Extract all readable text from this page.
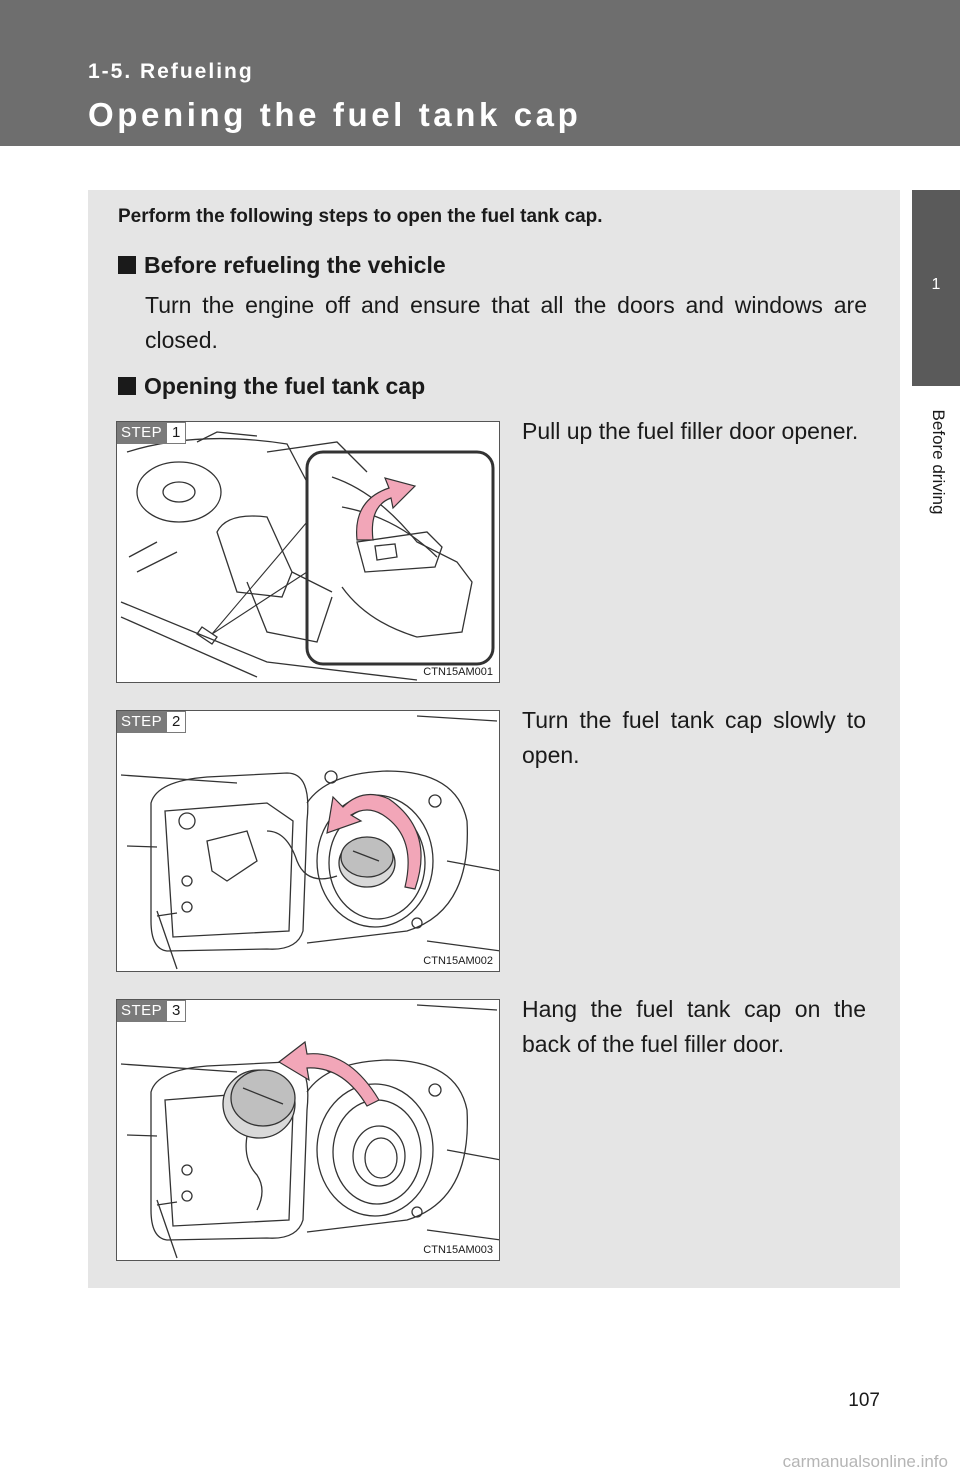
1-5. Refueling
Opening the fuel tank cap
1
Before driving
Perform the following steps to open the fuel tank cap.
Before refueling the vehicle
Turn the engine off and ensure that all the doors and windows are closed.
Opening the fuel tank cap
STEP 1
CTN15AM001
Pull up the fuel filler door opener.
STEP 2
CTN15AM002
Turn the fuel tank cap slowly to open.
STEP 3
CTN15AM003
Hang the fuel tank cap on the back of the fuel filler door.
107
carmanualsonline.info
